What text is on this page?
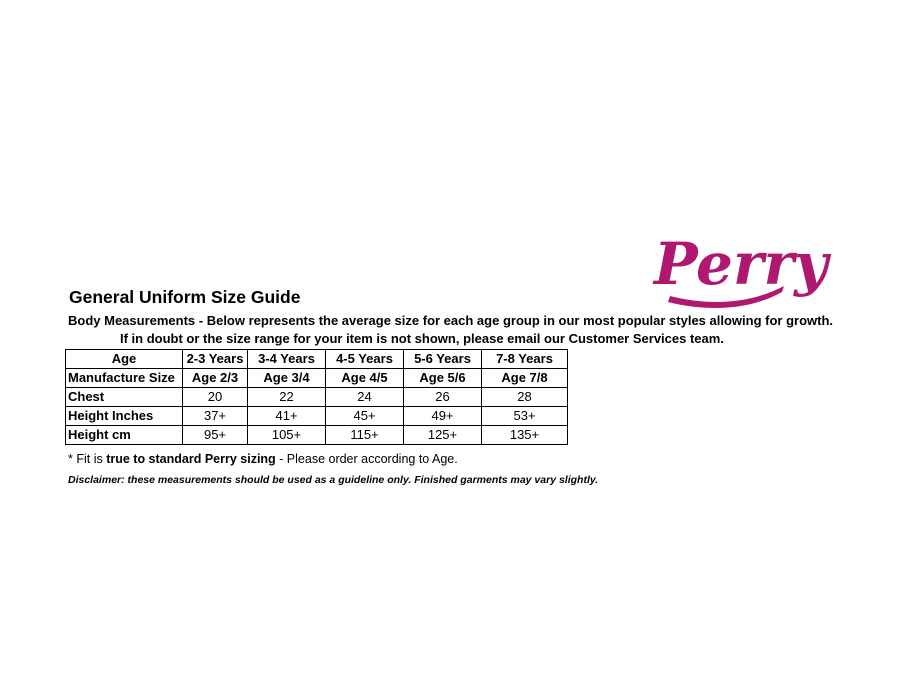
Perry
General Uniform Size Guide
Body Measurements - Below represents the average size for each age group in our most popular styles allowing for growth.
If in doubt or the size range for your item is not shown, please email our Customer Services team.
Age	2-3 Years	3-4 Years	4-5 Years	5-6 Years	7-8 Years
Manufacture Size	Age 2/3	Age 3/4	Age 4/5	Age 5/6	Age 7/8
Chest	20	22	24	26	28
Height Inches	37+	41+	45+	49+	53+
Height cm	95+	105+	115+	125+	135+
* Fit is true to standard Perry sizing - Please order according to Age.
Disclaimer: these measurements should be used as a guideline only. Finished garments may vary slightly.
